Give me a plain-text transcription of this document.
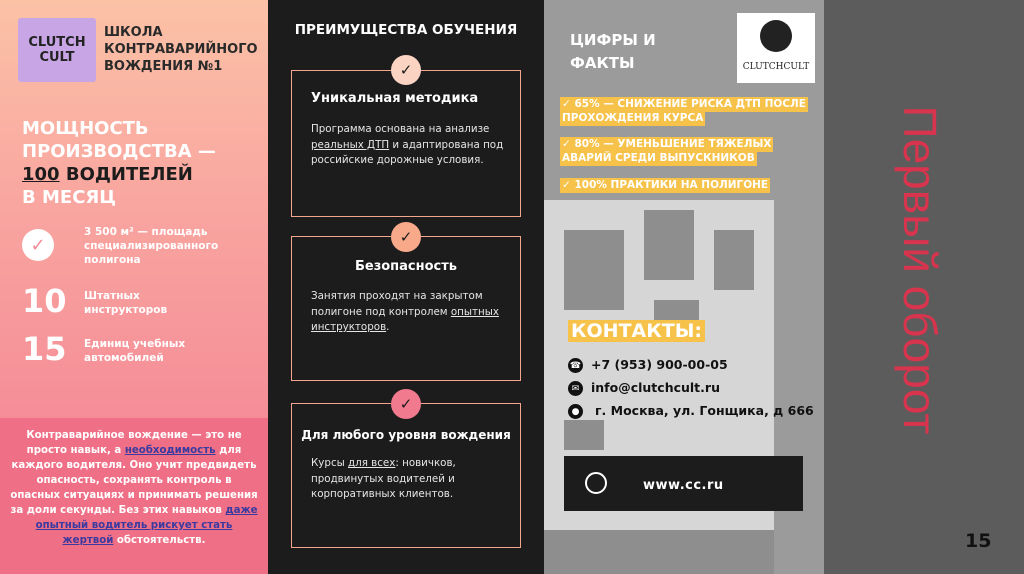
CLUTCH
CULT
ШКОЛА КОНТРАВАРИЙНОГО ВОЖДЕНИЯ №1
МОЩНОСТЬ
ПРОИЗВОДСТВА —
100 ВОДИТЕЛЕЙ
В МЕСЯЦ
✓
3 500 м² — площадь специализированного полигона
10 Штатных инструкторов
15 Единиц учебных автомобилей
Контраварийное вождение — это не просто навык, а необходимость для каждого водителя. Оно учит предвидеть опасность, сохранять контроль в опасных ситуациях и принимать решения за доли секунды. Без этих навыков даже опытный водитель рискует стать жертвой обстоятельств.
ПРЕИМУЩЕСТВА ОБУЧЕНИЯ
✓
Уникальная методика
Программа основана на анализе реальных ДТП и адаптирована под российские дорожные условия.
✓
Безопасность
Занятия проходят на закрытом полигоне под контролем опытных инструкторов.
✓
Для любого уровня вождения
Курсы для всех: новичков, продвинутых водителей и корпоративных клиентов.
ЦИФРЫ И
ФАКТЫ	CLUTCHCULT
✓ 65% — СНИЖЕНИЕ РИСКА ДТП ПОСЛЕ
ПРОХОЖДЕНИЯ КУРСА
✓ 80% — УМЕНЬШЕНИЕ ТЯЖЕЛЫХ
АВАРИЙ СРЕДИ ВЫПУСКНИКОВ
✓ 100% ПРАКТИКИ НА ПОЛИГОНЕ
КОНТАКТЫ:
☎ +7 (953) 900-00-05
✉ info@clutchcult.ru
● г. Москва, ул. Гонщика, д 666
www.cc.ru
Первый оборот
15
